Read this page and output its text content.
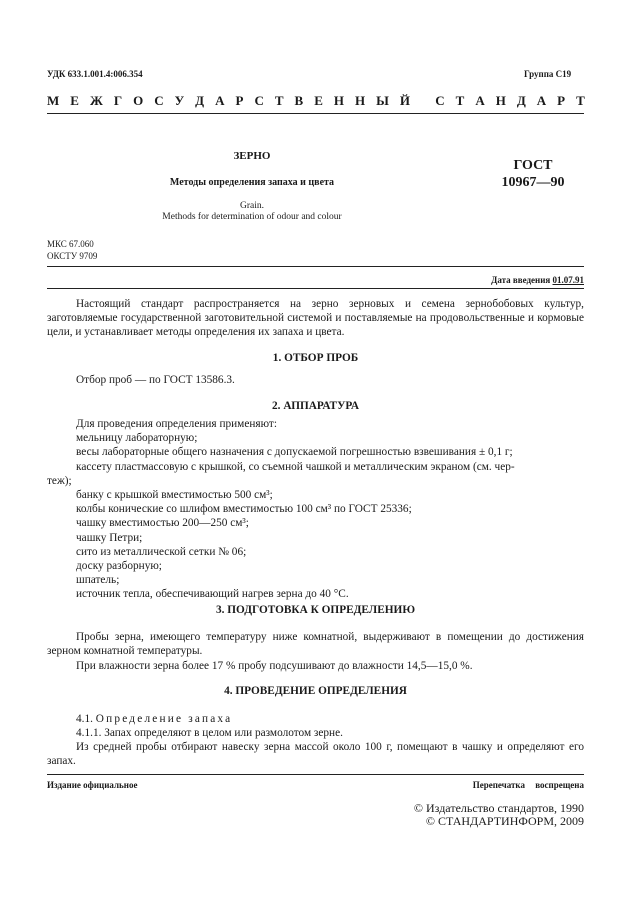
УДК 633.1.001.4:006.354	Группа С19
М Е Ж Г О С У Д А Р С Т В Е Н Н Ы Й
С Т А Н Д А Р Т
ЗЕРНО
Методы определения запаха и цвета
Grain.
Methods for determination of odour and colour
ГОСТ
10967—90
МКС 67.060
ОКСТУ 9709
Дата введения 01.07.91
Настоящий стандарт распространяется на зерно зерновых и семена зернобобовых культур, заготовляемые государственной заготовительной системой и поставляемые на продовольственные и кормовые цели, и устанавливает методы определения их запаха и цвета.
1. ОТБОР ПРОБ
Отбор проб — по ГОСТ 13586.3.
2. АППАРАТУРА
Для проведения определения применяют:
мельницу лабораторную;
весы лабораторные общего назначения с допускаемой погрешностью взвешивания ± 0,1 г;
кассету пластмассовую с крышкой, со съемной чашкой и металлическим экраном (см. чер-
теж);
банку с крышкой вместимостью 500 см³;
колбы конические со шлифом вместимостью 100 см³ по ГОСТ 25336;
чашку вместимостью 200—250 см³;
чашку Петри;
сито из металлической сетки № 06;
доску разборную;
шпатель;
источник тепла, обеспечивающий нагрев зерна до 40 °С.
3. ПОДГОТОВКА К ОПРЕДЕЛЕНИЮ
Пробы зерна, имеющего температуру ниже комнатной, выдерживают в помещении до достижения зерном комнатной температуры.
При влажности зерна более 17 % пробу подсушивают до влажности 14,5—15,0 %.
4. ПРОВЕДЕНИЕ ОПРЕДЕЛЕНИЯ
4.1. Определение запаха
4.1.1. Запах определяют в целом или размолотом зерне.
Из средней пробы отбирают навеску зерна массой около 100 г, помещают в чашку и определяют его запах.
Издание официальное	Перепечатка воспрещена
© Издательство стандартов, 1990
© СТАНДАРТИНФОРМ, 2009
